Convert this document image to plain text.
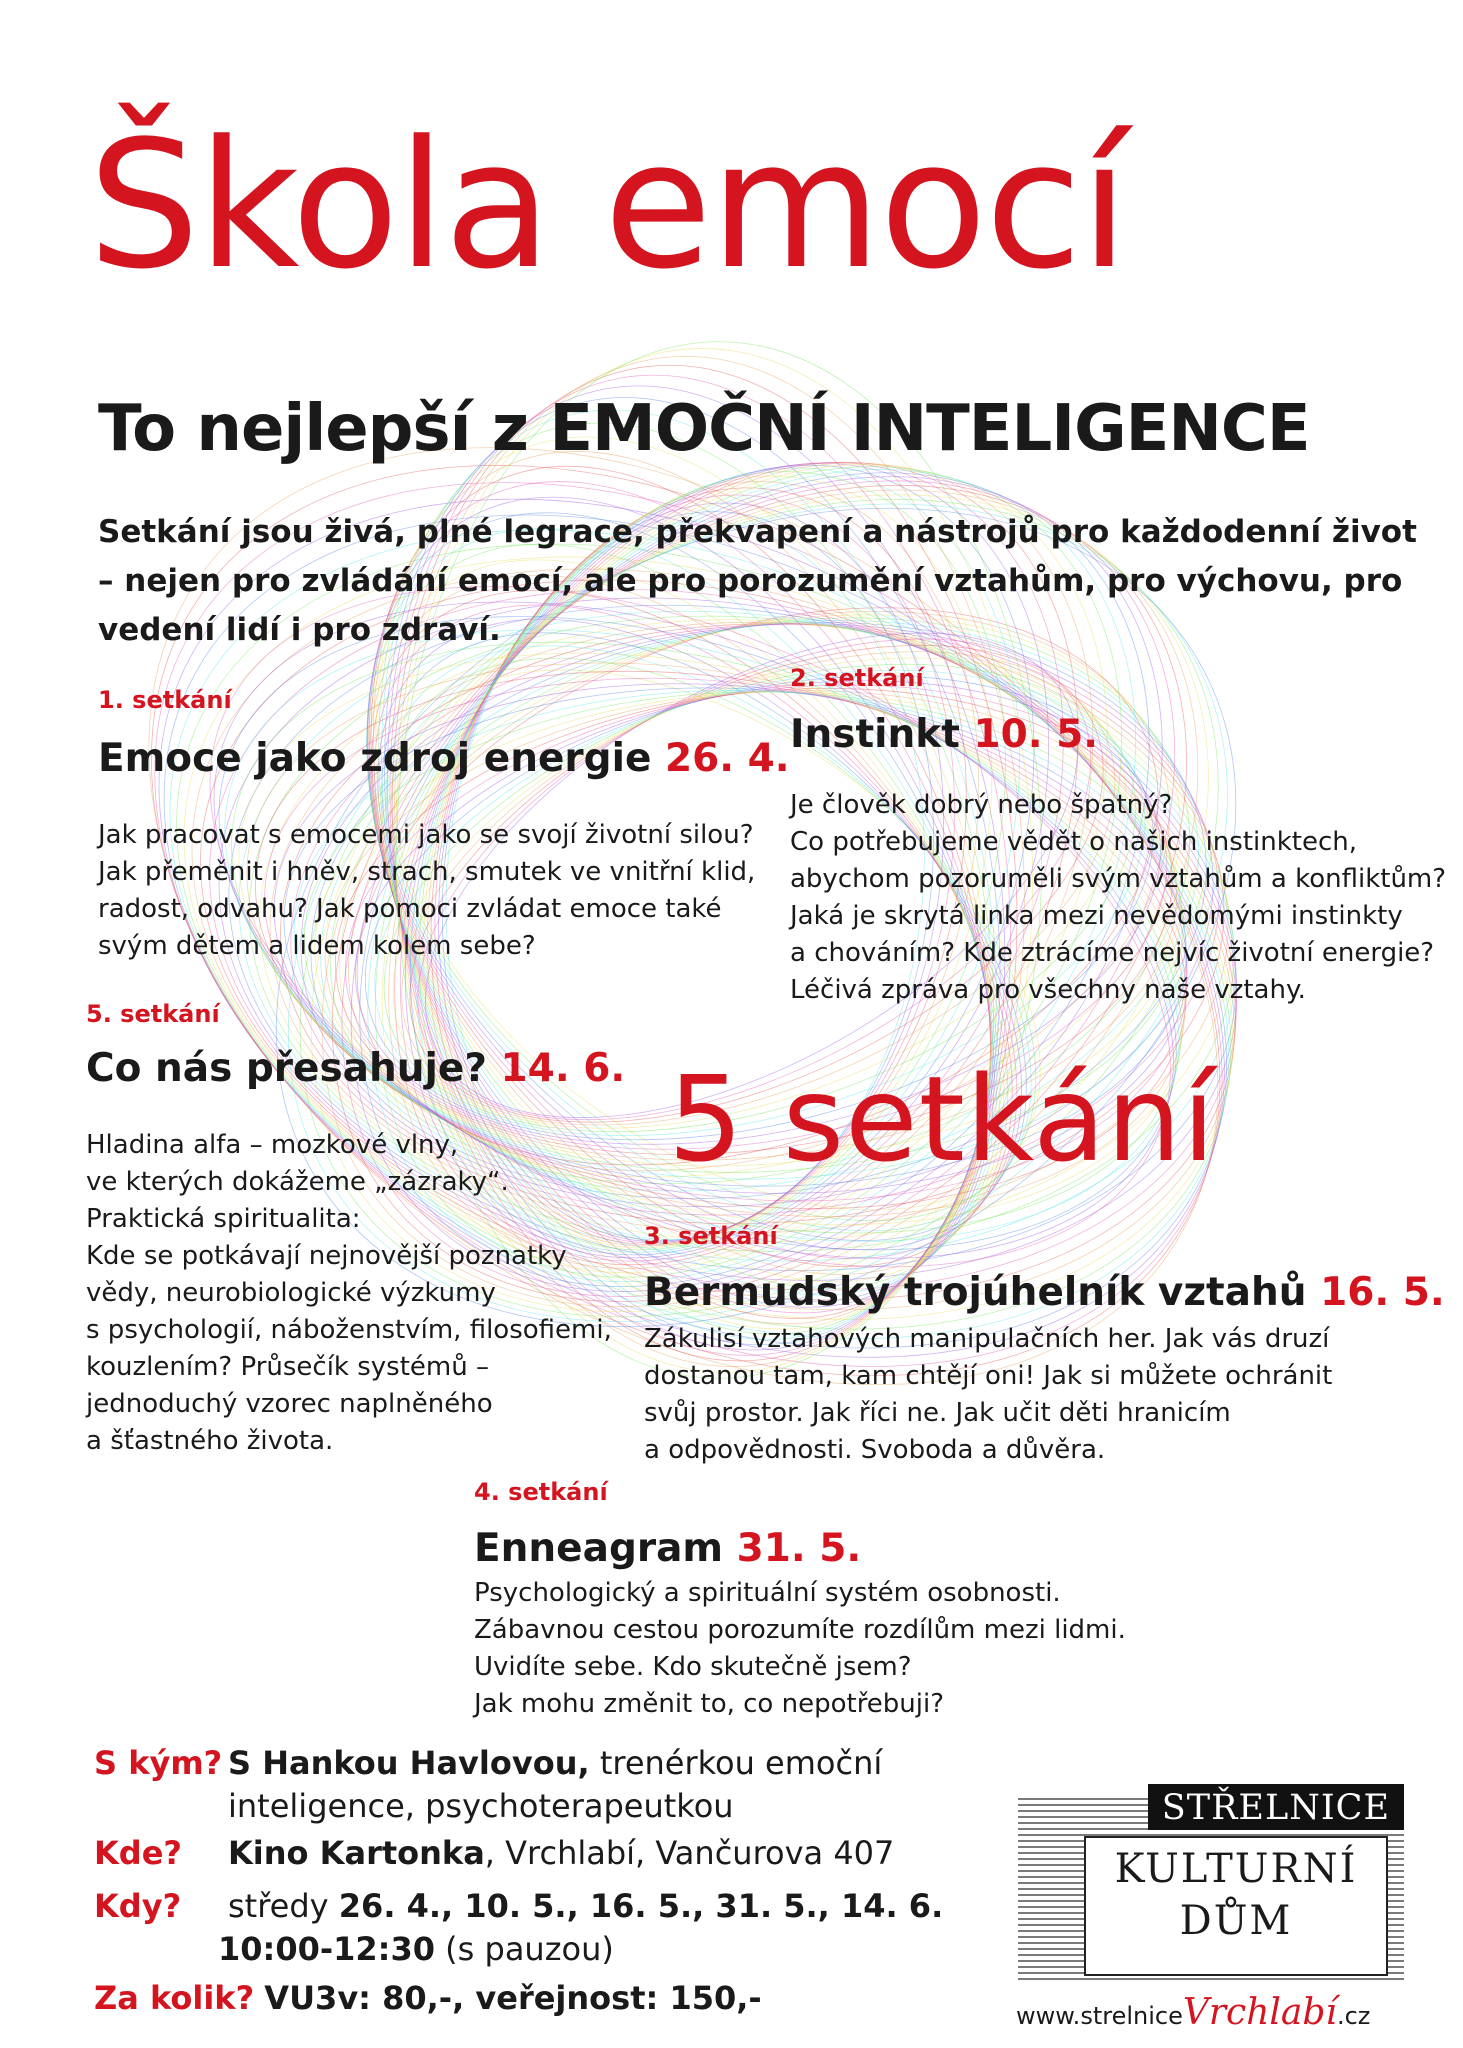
Škola emocí
To nejlepší z EMOČNÍ INTELIGENCE
Setkání jsou živá, plné legrace, překvapení a nástrojů pro každodenní život
– nejen pro zvládání emocí, ale pro porozumění vztahům, pro výchovu, pro
vedení lidí i pro zdraví.
1. setkání
Emoce jako zdroj energie 26. 4.
Jak pracovat s emocemi jako se svojí životní silou?
Jak přeměnit i hněv, strach, smutek ve vnitřní klid,
radost, odvahu? Jak pomoci zvládat emoce také
svým dětem a lidem kolem sebe?
2. setkání
Instinkt 10. 5.
Je člověk dobrý nebo špatný?
Co potřebujeme vědět o našich instinktech,
abychom pozoruměli svým vztahům a konfliktům?
Jaká je skrytá linka mezi nevědomými instinkty
a chováním? Kde ztrácíme nejvíc životní energie?
Léčivá zpráva pro všechny naše vztahy.
5. setkání
Co nás přesahuje? 14. 6.
Hladina alfa – mozkové vlny,
ve kterých dokážeme „zázraky“.
Praktická spiritualita:
Kde se potkávají nejnovější poznatky
vědy, neurobiologické výzkumy
s psychologií, náboženstvím, filosofiemi,
kouzlením? Průsečík systémů –
jednoduchý vzorec naplněného
a šťastného života.
5 setkání
3. setkání
Bermudský trojúhelník vztahů 16. 5.
Zákulisí vztahových manipulačních her. Jak vás druzí
dostanou tam, kam chtějí oni! Jak si můžete ochránit
svůj prostor. Jak říci ne. Jak učit děti hranicím
a odpovědnosti. Svoboda a důvěra.
4. setkání
Enneagram 31. 5.
Psychologický a spirituální systém osobnosti.
Zábavnou cestou porozumíte rozdílům mezi lidmi.
Uvidíte sebe. Kdo skutečně jsem?
Jak mohu změnit to, co nepotřebuji?
S kým? S Hankou Havlovou, trenérkou emoční
inteligence, psychoterapeutkou
Kde? Kino Kartonka, Vrchlabí, Vančurova 407
Kdy? středy 26. 4., 10. 5., 16. 5., 31. 5., 14. 6.
10:00-12:30 (s pauzou)
Za kolik? VU3v: 80,-, veřejnost: 150,-
STŘELNICE
KULTURNÍ
DŮM
www.strelniceVrchlabí.cz
